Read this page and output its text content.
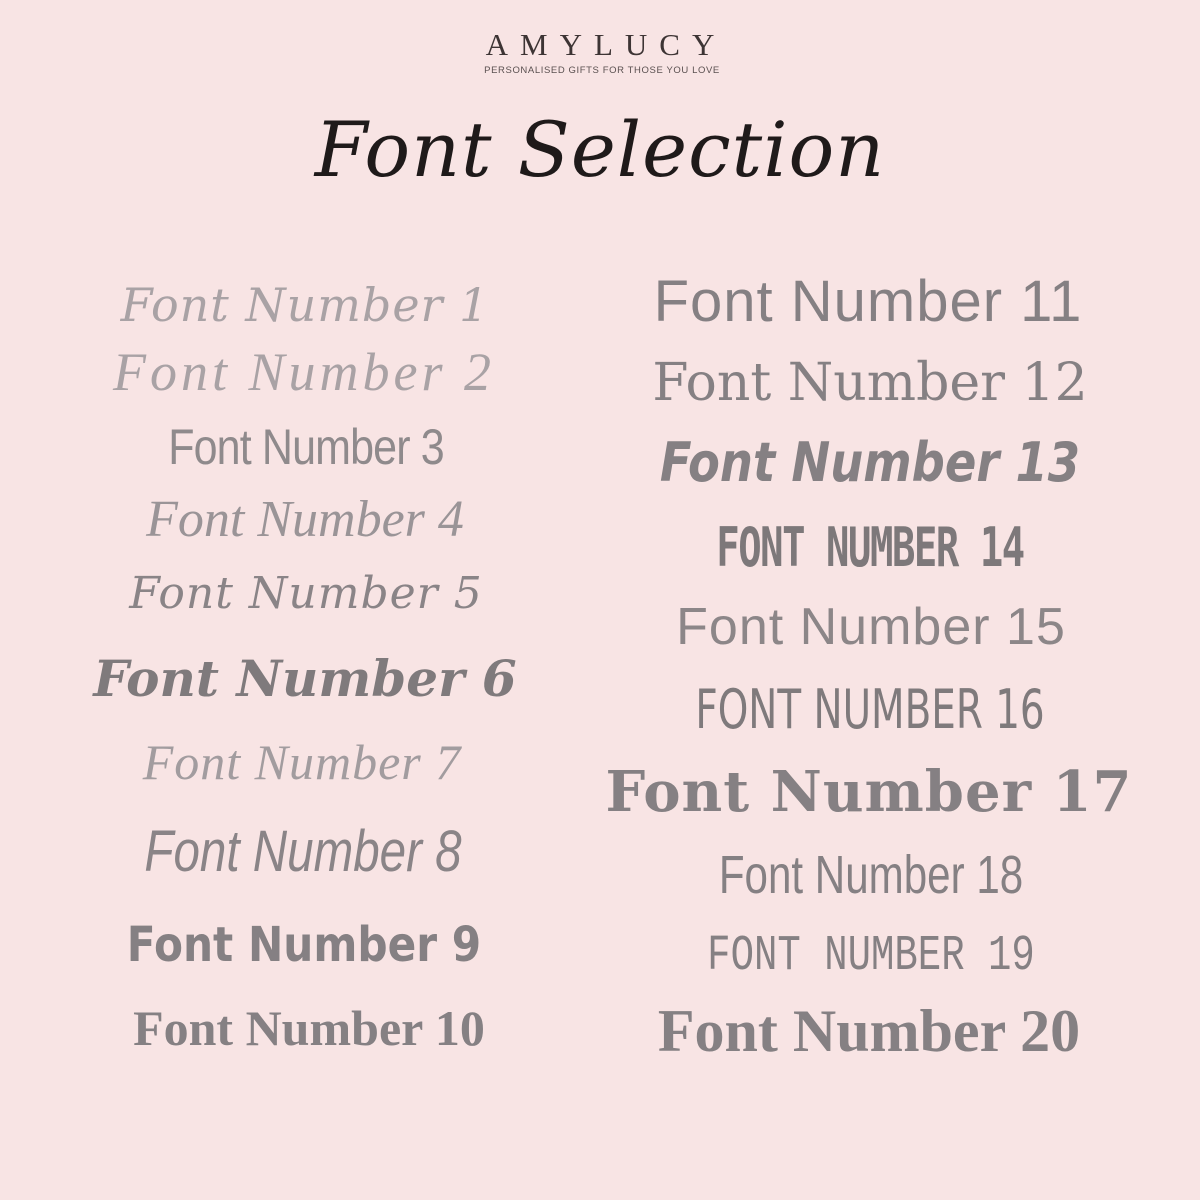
AMYLUCY
PERSONALISED GIFTS FOR THOSE YOU LOVE
Font Selection
Font Number 1
Font Number 2
Font Number 3
Font Number 4
Font Number 5
Font Number 6
Font Number 7
Font Number 8
Font Number 9
Font Number 10
Font Number 11
Font Number 12
Font Number 13
FONT NUMBER 14
Font Number 15
FONT NUMBER 16
Font Number 17
Font Number 18
FONT NUMBER 19
Font Number 20
